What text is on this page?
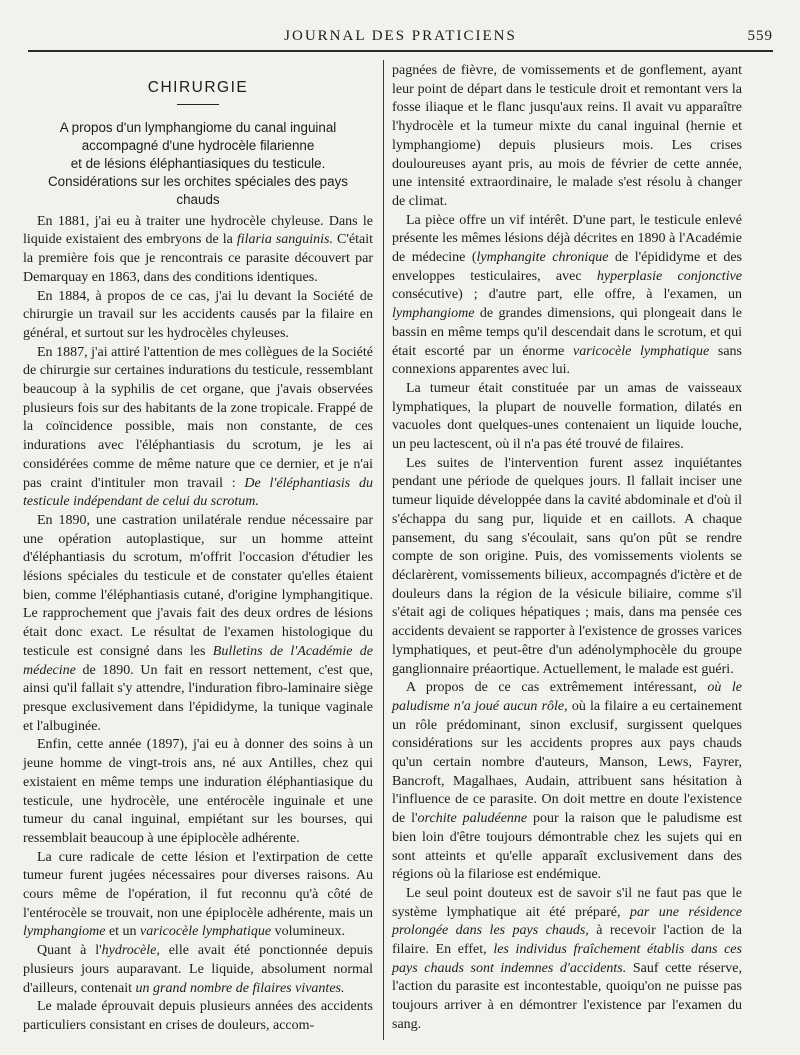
JOURNAL DES PRATICIENS	559
CHIRURGIE
A propos d'un lymphangiome du canal inguinal
accompagné d'une hydrocèle filarienne
et de lésions éléphantiasiques du testicule.
Considérations sur les orchites spéciales des pays
chauds

En 1881, j'ai eu à traiter une hydrocèle chyleuse. Dans le liquide existaient des embryons de la filaria sanguinis. C'était la première fois que je rencontrais ce parasite découvert par Demarquay en 1863, dans des conditions identiques.

En 1884, à propos de ce cas, j'ai lu devant la Société de chirurgie un travail sur les accidents causés par la filaire en général, et surtout sur les hydrocèles chyleuses.

En 1887, j'ai attiré l'attention de mes collègues de la Société de chirurgie sur certaines indurations du testicule, ressemblant beaucoup à la syphilis de cet organe, que j'avais observées plusieurs fois sur des habitants de la zone tropicale. Frappé de la coïncidence possible, mais non constante, de ces indurations avec l'éléphantiasis du scrotum, je les ai considérées comme de même nature que ce dernier, et je n'ai pas craint d'intituler mon travail : De l'éléphantiasis du testicule indépendant de celui du scrotum.

En 1890, une castration unilatérale rendue nécessaire par une opération autoplastique, sur un homme atteint d'éléphantiasis du scrotum, m'offrit l'occasion d'étudier les lésions spéciales du testicule et de constater qu'elles étaient bien, comme l'éléphantiasis cutané, d'origine lymphangitique. Le rapprochement que j'avais fait des deux ordres de lésions était donc exact. Le résultat de l'examen histologique du testicule est consigné dans les Bulletins de l'Académie de médecine de 1890. Un fait en ressort nettement, c'est que, ainsi qu'il fallait s'y attendre, l'induration fibro-laminaire siège presque exclusivement dans l'épididyme, la tunique vaginale et l'albuginée.

Enfin, cette année (1897), j'ai eu à donner des soins à un jeune homme de vingt-trois ans, né aux Antilles, chez qui existaient en même temps une induration éléphantiasique du testicule, une hydrocèle, une entérocèle inguinale et une tumeur du canal inguinal, empiétant sur les bourses, qui ressemblait beaucoup à une épiplocèle adhérente.

La cure radicale de cette lésion et l'extirpation de cette tumeur furent jugées nécessaires pour diverses raisons. Au cours même de l'opération, il fut reconnu qu'à côté de l'entérocèle se trouvait, non une épiplocèle adhérente, mais un lymphangiome et un varicocèle lymphatique volumineux.

Quant à l'hydrocèle, elle avait été ponctionnée depuis plusieurs jours auparavant. Le liquide, absolument normal d'ailleurs, contenait un grand nombre de filaires vivantes.

Le malade éprouvait depuis plusieurs années des accidents particuliers consistant en crises de douleurs, accom-

pagnées de fièvre, de vomissements et de gonflement, ayant leur point de départ dans le testicule droit et remontant vers la fosse iliaque et le flanc jusqu'aux reins. Il avait vu apparaître l'hydrocèle et la tumeur mixte du canal inguinal (hernie et lymphangiome) depuis plusieurs mois. Les crises douloureuses ayant pris, au mois de février de cette année, une intensité extraordinaire, le malade s'est résolu à changer de climat.

La pièce offre un vif intérêt. D'une part, le testicule enlevé présente les mêmes lésions déjà décrites en 1890 à l'Académie de médecine (lymphangite chronique de l'épididyme et des enveloppes testiculaires, avec hyperplasie conjonctive consécutive) ; d'autre part, elle offre, à l'examen, un lymphangiome de grandes dimensions, qui plongeait dans le bassin en même temps qu'il descendait dans le scrotum, et qui était escorté par un énorme varicocèle lymphatique sans connexions apparentes avec lui.

La tumeur était constituée par un amas de vaisseaux lymphatiques, la plupart de nouvelle formation, dilatés en vacuoles dont quelques-unes contenaient un liquide louche, un peu lactescent, où il n'a pas été trouvé de filaires.

Les suites de l'intervention furent assez inquiétantes pendant une période de quelques jours. Il fallait inciser une tumeur liquide développée dans la cavité abdominale et d'où il s'échappa du sang pur, liquide et en caillots. A chaque pansement, du sang s'écoulait, sans qu'on pût se rendre compte de son origine. Puis, des vomissements violents se déclarèrent, vomissements bilieux, accompagnés d'ictère et de douleurs dans la région de la vésicule biliaire, comme s'il s'était agi de coliques hépatiques ; mais, dans ma pensée ces accidents devaient se rapporter à l'existence de grosses varices lymphatiques, et peut-être d'un adénolymphocèle du groupe ganglionnaire préaortique. Actuellement, le malade est guéri.

A propos de ce cas extrêmement intéressant, où le paludisme n'a joué aucun rôle, où la filaire a eu certainement un rôle prédominant, sinon exclusif, surgissent quelques considérations sur les accidents propres aux pays chauds qu'un certain nombre d'auteurs, Manson, Lews, Fayrer, Bancroft, Magalhaes, Audain, attribuent sans hésitation à l'influence de ce parasite. On doit mettre en doute l'existence de l'orchite paludéenne pour la raison que le paludisme est bien loin d'être toujours démontrable chez les sujets qui en sont atteints et qu'elle apparaît exclusivement dans des régions où la filariose est endémique.

Le seul point douteux est de savoir s'il ne faut pas que le système lymphatique ait été préparé, par une résidence prolongée dans les pays chauds, à recevoir l'action de la filaire. En effet, les individus fraîchement établis dans ces pays chauds sont indemnes d'accidents. Sauf cette réserve, l'action du parasite est incontestable, quoiqu'on ne puisse pas toujours arriver à en démontrer l'existence par l'examen du sang.
